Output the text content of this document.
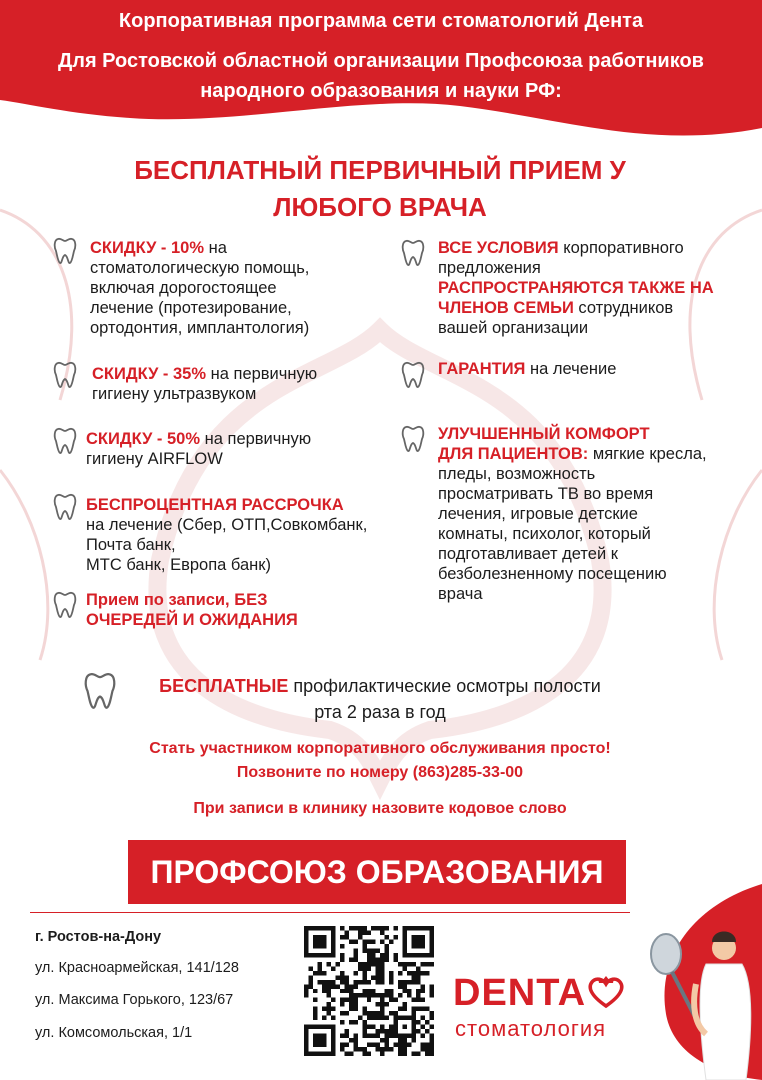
Корпоративная программа сети стоматологий Дента
Для Ростовской областной организации Профсоюза работников
народного образования и науки РФ:
БЕСПЛАТНЫЙ ПЕРВИЧНЫЙ ПРИЕМ У
ЛЮБОГО ВРАЧА
СКИДКУ - 10% на
стоматологическую помощь,
включая дорогостоящее
лечение (протезирование,
ортодонтия, имплантология)
СКИДКУ - 35% на первичную
гигиену ультразвуком
СКИДКУ - 50% на первичную
гигиену AIRFLOW
БЕСПРОЦЕНТНАЯ РАССРОЧКА
на лечение (Сбер, ОТП,Совкомбанк,
Почта банк,
МТС банк, Европа банк)
Прием по записи, БЕЗ
ОЧЕРЕДЕЙ И ОЖИДАНИЯ
ВСЕ УСЛОВИЯ корпоративного
предложения
РАСПРОСТРАНЯЮТСЯ ТАКЖЕ НА
ЧЛЕНОВ СЕМЬИ сотрудников
вашей организации
ГАРАНТИЯ на лечение
УЛУЧШЕННЫЙ КОМФОРТ
ДЛЯ ПАЦИЕНТОВ: мягкие кресла,
пледы, возможность
просматривать ТВ во время
лечения, игровые детские
комнаты, психолог, который
подготавливает детей к
безболезненному посещению
врача
БЕСПЛАТНЫЕ профилактические осмотры полости
рта 2 раза в год
Стать участником корпоративного обслуживания просто!
Позвоните по номеру (863)285-33-00
При записи в клинику назовите кодовое слово
ПРОФСОЮЗ ОБРАЗОВАНИЯ
г. Ростов-на-Дону
ул. Красноармейская, 141/128
ул. Максима Горького, 123/67
ул. Комсомольская, 1/1
DENTA
стоматология
